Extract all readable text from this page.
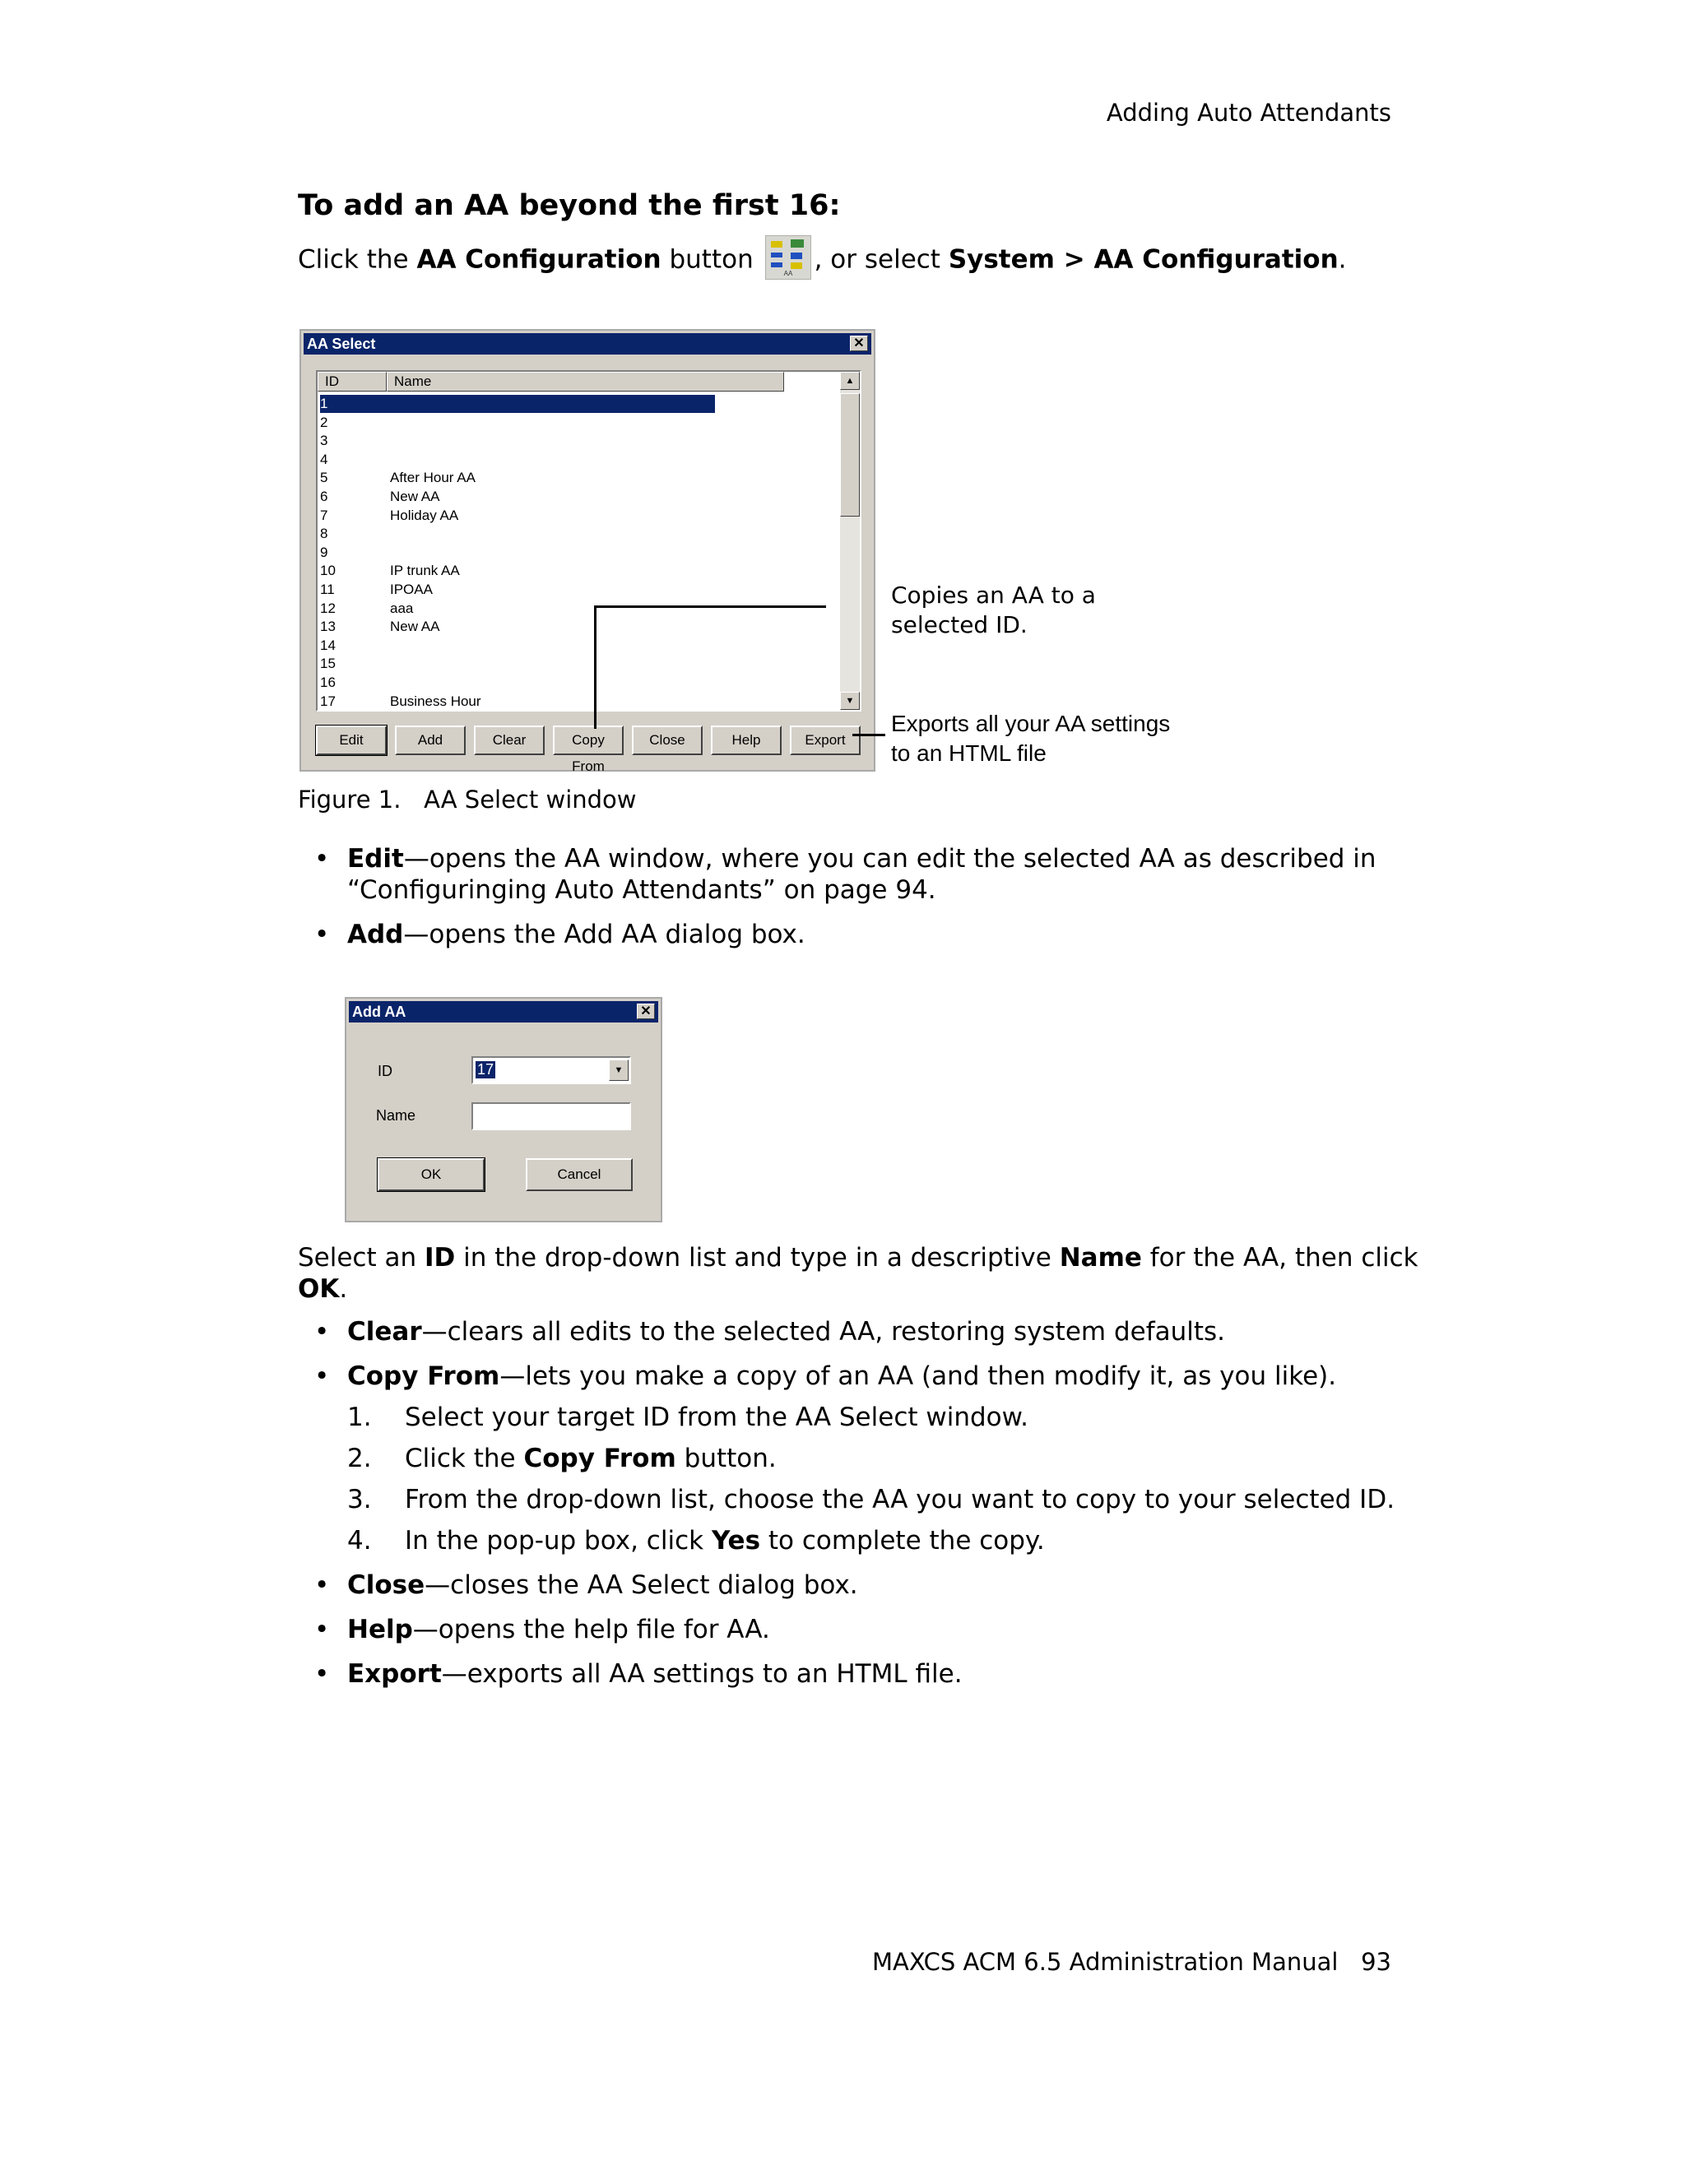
Adding Auto Attendants
To add an AA beyond the first 16:
Click the AA Configuration button	AA , or select System > AA Configuration.
AA Select	✕
ID	Name
1
2
3
4
5	After Hour AA
6	New AA
7	Holiday AA
8
9
10	IP trunk AA
11	IPOAA
12	aaa
13	New AA
14
15
16
17	Business Hour
▲
▼
Edit	Add	Clear	Copy From
Close	Help	Export
Copies an AA to a
selected ID.
Exports all your AA settings
to an HTML file
Figure 1.   AA Select window
• Edit—opens the AA window, where you can edit the selected AA as described in
“Configuringing Auto Attendants” on page 94.
• Add—opens the Add AA dialog box.
Add AA	✕
ID	17	▼
Name
OK	Cancel
Select an ID in the drop-down list and type in a descriptive Name for the AA, then click
OK.
• Clear—clears all edits to the selected AA, restoring system defaults.
• Copy From—lets you make a copy of an AA (and then modify it, as you like).
1. Select your target ID from the AA Select window.
2. Click the Copy From button.
3. From the drop-down list, choose the AA you want to copy to your selected ID.
4. In the pop-up box, click Yes to complete the copy.
• Close—closes the AA Select dialog box.
• Help—opens the help file for AA.
• Export—exports all AA settings to an HTML file.
MAXCS ACM 6.5 Administration Manual 93
